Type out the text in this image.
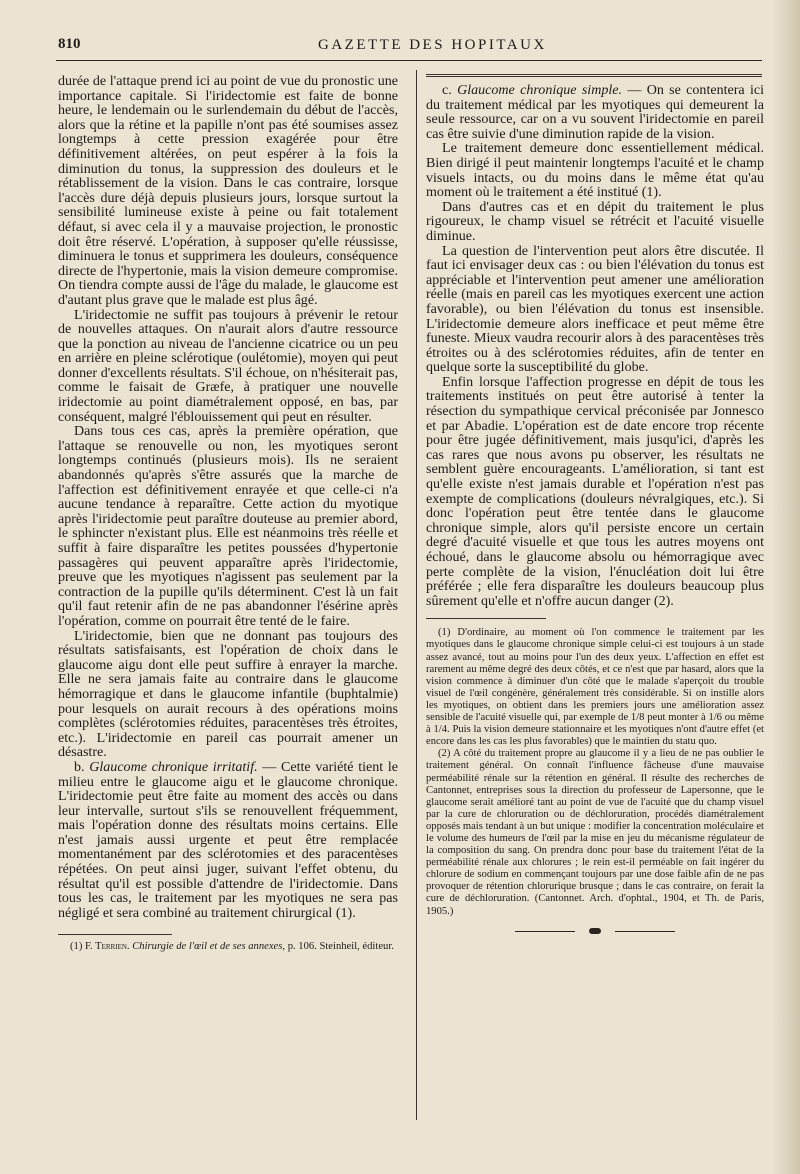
810	GAZETTE DES HOPITAUX

durée de l'attaque prend ici au point de vue du pronostic une importance capitale. Si l'iridectomie est faite de bonne heure, le lendemain ou le surlendemain du début de l'accès, alors que la rétine et la papille n'ont pas été soumises assez longtemps à cette pression exagérée pour être définitivement altérées, on peut espérer à la fois la diminution du tonus, la suppression des douleurs et le rétablissement de la vision. Dans le cas contraire, lorsque l'accès dure déjà depuis plusieurs jours, lorsque surtout la sensibilité lumineuse existe à peine ou fait totalement défaut, si avec cela il y a mauvaise projection, le pronostic doit être réservé. L'opération, à supposer qu'elle réussisse, diminuera le tonus et supprimera les douleurs, conséquence directe de l'hypertonie, mais la vision demeure compromise. On tiendra compte aussi de l'âge du malade, le glaucome est d'autant plus grave que le malade est plus âgé.

L'iridectomie ne suffit pas toujours à prévenir le retour de nouvelles attaques. On n'aurait alors d'autre ressource que la ponction au niveau de l'ancienne cicatrice ou un peu en arrière en pleine sclérotique (oulétomie), moyen qui peut donner d'excellents résultats. S'il échoue, on n'hésiterait pas, comme le faisait de Græfe, à pratiquer une nouvelle iridectomie au point diamétralement opposé, en bas, par conséquent, malgré l'éblouissement qui peut en résulter.

Dans tous ces cas, après la première opération, que l'attaque se renouvelle ou non, les myotiques seront longtemps continués (plusieurs mois). Ils ne seraient abandonnés qu'après s'être assurés que la marche de l'affection est définitivement enrayée et que celle-ci n'a aucune tendance à reparaître. Cette action du myotique après l'iridectomie peut paraître douteuse au premier abord, le sphincter n'existant plus. Elle est néanmoins très réelle et suffit à faire disparaître les petites poussées d'hypertonie passagères qui peuvent apparaître après l'iridectomie, preuve que les myotiques n'agissent pas seulement par la contraction de la pupille qu'ils déterminent. C'est là un fait qu'il faut retenir afin de ne pas abandonner l'ésérine après l'opération, comme on pourrait être tenté de le faire.

L'iridectomie, bien que ne donnant pas toujours des résultats satisfaisants, est l'opération de choix dans le glaucome aigu dont elle peut suffire à enrayer la marche. Elle ne sera jamais faite au contraire dans le glaucome hémorragique et dans le glaucome infantile (buphtalmie) pour lesquels on aurait recours à des opérations moins complètes (sclérotomies réduites, paracentèses très étroites, etc.). L'iridectomie en pareil cas pourrait amener un désastre.

b. Glaucome chronique irritatif. — Cette variété tient le milieu entre le glaucome aigu et le glaucome chronique. L'iridectomie peut être faite au moment des accès ou dans leur intervalle, surtout s'ils se renouvellent fréquemment, mais l'opération donne des résultats moins certains. Elle n'est jamais aussi urgente et peut être remplacée momentanément par des sclérotomies et des paracentèses répétées. On peut ainsi juger, suivant l'effet obtenu, du résultat qu'il est possible d'attendre de l'iridectomie. Dans tous les cas, le traitement par les myotiques ne sera pas négligé et sera combiné au traitement chirurgical (1).

(1) F. Terrien. Chirurgie de l'œil et de ses annexes, p. 106. Steinheil, éditeur.

c. Glaucome chronique simple. — On se contentera ici du traitement médical par les myotiques qui demeurent la seule ressource, car on a vu souvent l'iridectomie en pareil cas être suivie d'une diminution rapide de la vision.

Le traitement demeure donc essentiellement médical. Bien dirigé il peut maintenir longtemps l'acuité et le champ visuels intacts, ou du moins dans le même état qu'au moment où le traitement a été institué (1).

Dans d'autres cas et en dépit du traitement le plus rigoureux, le champ visuel se rétrécit et l'acuité visuelle diminue.

La question de l'intervention peut alors être discutée. Il faut ici envisager deux cas : ou bien l'élévation du tonus est appréciable et l'intervention peut amener une amélioration réelle (mais en pareil cas les myotiques exercent une action favorable), ou bien l'élévation du tonus est insensible. L'iridectomie demeure alors inefficace et peut même être funeste. Mieux vaudra recourir alors à des paracentèses très étroites ou à des sclérotomies réduites, afin de tenter en quelque sorte la susceptibilité du globe.

Enfin lorsque l'affection progresse en dépit de tous les traitements institués on peut être autorisé à tenter la résection du sympathique cervical préconisée par Jonnesco et par Abadie. L'opération est de date encore trop récente pour être jugée définitivement, mais jusqu'ici, d'après les cas rares que nous avons pu observer, les résultats ne semblent guère encourageants. L'amélioration, si tant est qu'elle existe n'est jamais durable et l'opération n'est pas exempte de complications (douleurs névralgiques, etc.). Si donc l'opération peut être tentée dans le glaucome chronique simple, alors qu'il persiste encore un certain degré d'acuité visuelle et que tous les autres moyens ont échoué, dans le glaucome absolu ou hémorragique avec perte complète de la vision, l'énucléation doit lui être préférée ; elle fera disparaître les douleurs beaucoup plus sûrement qu'elle et n'offre aucun danger (2).

(1) D'ordinaire, au moment où l'on commence le traitement par les myotiques dans le glaucome chronique simple celui-ci est toujours à un stade assez avancé, tout au moins pour l'un des deux yeux. L'affection en effet est rarement au même degré des deux côtés, et ce n'est que par hasard, alors que la vision commence à diminuer d'un côté que le malade s'aperçoit du trouble visuel de l'œil congénère, généralement très considérable. Si on instille alors les myotiques, on obtient dans les premiers jours une amélioration assez sensible de l'acuité visuelle qui, par exemple de 1/8 peut monter à 1/6 ou même à 1/4. Puis la vision demeure stationnaire et les myotiques n'ont d'autre effet (et encore dans les cas les plus favorables) que le maintien du statu quo.

(2) A côté du traitement propre au glaucome il y a lieu de ne pas oublier le traitement général. On connaît l'influence fâcheuse d'une mauvaise perméabilité rénale sur la rétention en général. Il résulte des recherches de Cantonnet, entreprises sous la direction du professeur de Lapersonne, que le glaucome serait amélioré tant au point de vue de l'acuité que du champ visuel par la cure de chloruration ou de déchloruration, procédés diamétralement opposés mais tendant à un but unique : modifier la concentration moléculaire et le volume des humeurs de l'œil par la mise en jeu du mécanisme régulateur de la composition du sang. On prendra donc pour base du traitement l'état de la perméabilité rénale aux chlorures ; le rein est-il perméable on fait ingérer du chlorure de sodium en commençant toujours par une dose faible afin de ne pas provoquer de rétention chlorurique brusque ; dans le cas contraire, on ferait la cure de déchloruration. (Cantonnet. Arch. d'ophtal., 1904, et Th. de Paris, 1905.)
